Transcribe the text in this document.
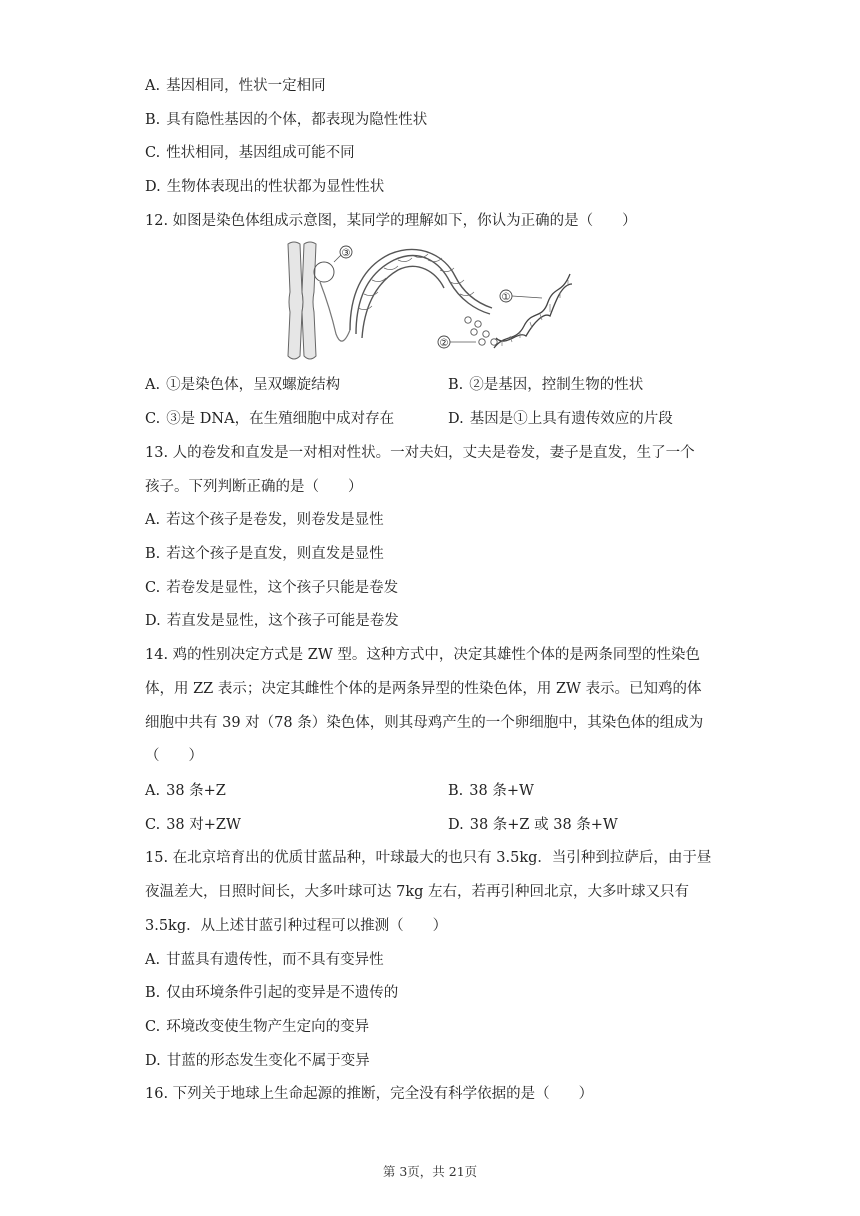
A. 基因相同，性状一定相同
B. 具有隐性基因的个体，都表现为隐性性状
C. 性状相同，基因组成可能不同
D. 生物体表现出的性状都为显性性状
12. 如图是染色体组成示意图，某同学的理解如下，你认为正确的是（　　）
③
②
①
A. ①是染色体，呈双螺旋结构	B. ②是基因，控制生物的性状
C. ③是 DNA，在生殖细胞中成对存在	D. 基因是①上具有遗传效应的片段
13. 人的卷发和直发是一对相对性状。一对夫妇，丈夫是卷发，妻子是直发，生了一个
孩子。下列判断正确的是（　　）
A. 若这个孩子是卷发，则卷发是显性
B. 若这个孩子是直发，则直发是显性
C. 若卷发是显性，这个孩子只能是卷发
D. 若直发是显性，这个孩子可能是卷发
14. 鸡的性别决定方式是 ZW 型。这种方式中，决定其雄性个体的是两条同型的性染色
体，用 ZZ 表示；决定其雌性个体的是两条异型的性染色体，用 ZW 表示。已知鸡的体
细胞中共有 39 对（78 条）染色体，则其母鸡产生的一个卵细胞中，其染色体的组成为
（　　）
A. 38 条+Z	B. 38 条+W
C. 38 对+ZW	D. 38 条+Z 或 38 条+W
15. 在北京培育出的优质甘蓝品种，叶球最大的也只有 3.5kg．当引种到拉萨后，由于昼
夜温差大，日照时间长，大多叶球可达 7kg 左右，若再引种回北京，大多叶球又只有
3.5kg．从上述甘蓝引种过程可以推测（　　）
A. 甘蓝具有遗传性，而不具有变异性
B. 仅由环境条件引起的变异是不遗传的
C. 环境改变使生物产生定向的变异
D. 甘蓝的形态发生变化不属于变异
16. 下列关于地球上生命起源的推断，完全没有科学依据的是（　　）
第 3页，共 21页
